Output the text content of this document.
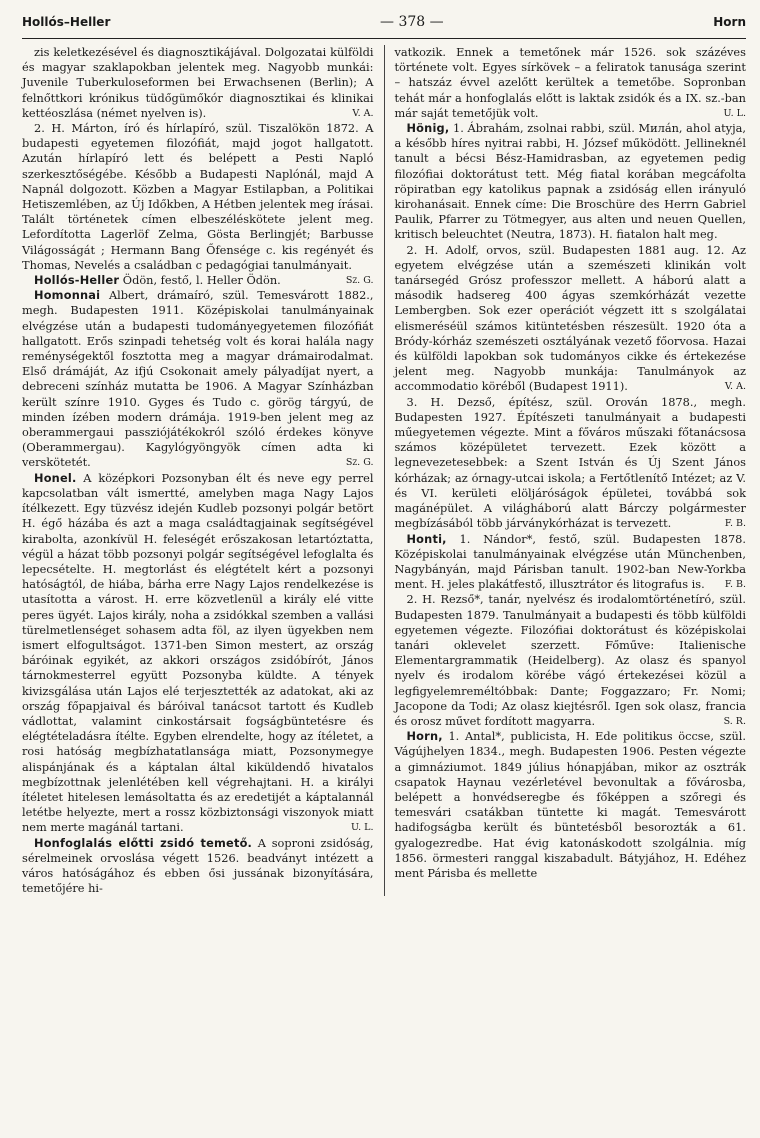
Hollós–Heller	— 378 —	Horn

zis keletkezésével és diagnosztikájával. Dolgozatai külföldi és magyar szaklapokban jelentek meg. Nagyobb munkái: Juvenile Tuberkuloseformen bei Erwachsenen (Berlin); A felnőttkori krónikus tüdőgümőkór diagnosztikai és klinikai kettéoszlása (német nyelven is).	V. A.

2. H. Márton, író és hírlapíró, szül. Tiszalökön 1872. A budapesti egyetemen filozófiát, majd jogot hallgatott. Azután hírlapíró lett és belépett a Pesti Napló szerkesztőségébe. Később a Budapesti Naplónál, majd A Napnál dolgozott. Közben a Magyar Estilapban, a Politikai Hetiszemlében, az Új Időkben, A Hétben jelentek meg írásai. Talált történetek címen elbeszéléskötete jelent meg. Lefordította Lagerlöf Zelma, Gösta Berlingjét; Barbusse Világosságát ; Hermann Bang Őfensége c. kis regényét és Thomas, Nevelés a családban c pedagógiai tanulmányait.
Sz. G.

Hollós-Heller Ödön, festő, l. Heller Ödön.

Homonnai Albert, drámaíró, szül. Temesvárott 1882., megh. Budapesten 1911. Középiskolai tanulmányainak elvégzése után a budapesti tudományegyetemen filozófiát hallgatott. Erős szinpadi tehetség volt és korai halála nagy reménységektől fosztotta meg a magyar drámairodalmat. Első drámáját, Az ifjú Csokonait amely pályadíjat nyert, a debreceni színház mutatta be 1906. A Magyar Színházban került színre 1910. Gyges és Tudo c. görög tárgyú, de minden ízében modern drámája. 1919-ben jelent meg az oberammergaui passziójátékokról szóló érdekes könyve (Oberammergau). Kagylógyöngyök címen adta ki verskötetét.	Sz. G.

Honel. A középkori Pozsonyban élt és neve egy perrel kapcsolatban vált ismertté, amelyben maga Nagy Lajos ítélkezett. Egy tüzvész idején Kudleb pozsonyi polgár betört H. égő házába és azt a maga családtagjainak segítségével kirabolta, azonkívül H. feleségét erőszakosan letartóztatta, végül a házat több pozsonyi polgár segítségével lefoglalta és lepecsételte. H. megtorlást és elégtételt kért a pozsonyi hatóságtól, de hiába, bárha erre Nagy Lajos rendelkezése is utasította a várost. H. erre közvetlenül a király elé vitte peres ügyét. Lajos király, noha a zsidókkal szemben a vallási türelmetlenséget sohasem adta föl, az ilyen ügyekben nem ismert elfogultságot. 1371-ben Simon mestert, az ország báróinak egyikét, az akkori országos zsidóbírót, János tárnokmesterrel együtt Pozsonyba küldte. A tények kivizsgálása után Lajos elé terjesztették az adatokat, aki az ország főpapjaival és báróival tanácsot tartott és Kudleb vádlottat, valamint cinkostársait fogságbüntetésre és elégtételadásra ítélte. Egyben elrendelte, hogy az ítéletet, a rosi hatóság megbízhatatlansága miatt, Pozsonymegye alispánjának és a káptalan által kiküldendő hivatalos megbízottnak jelenlétében kell végrehajtani. H. a királyi ítéletet hitelesen lemásoltatta és az eredetijét a káptalannál letétbe helyezte, mert a rossz közbiztonsági viszonyok miatt nem merte magánál tartani.	U. L.

Honfoglalás előtti zsidó temető. A soproni zsidóság, sérelmeinek orvoslása végett 1526. beadványt intézett a város hatóságához és ebben ősi jussának bizonyítására, temetőjére hi-

vatkozik. Ennek a temetőnek már 1526. sok százéves története volt. Egyes sírkövek – a feliratok tanusága szerint – hatszáz évvel azelőtt kerültek a temetőbe. Sopronban tehát már a honfoglalás előtt is laktak zsidók és a IX. sz.-ban már saját temetőjük volt.	U. L.

Hönig, 1. Ábrahám, zsolnai rabbi, szül. Милán, ahol atyja, a később híres nyitrai rabbi, H. József működött. Jellineknél tanult a bécsi Bész-Hamidrasban, az egyetemen pedig filozófiai doktorátust tett. Még fiatal korában megcáfolta röpiratban egy katolikus papnak a zsidóság ellen irányuló kirohanásait. Ennek címe: Die Broschüre des Herrn Gabriel Paulik, Pfarrer zu Tötmegyer, aus alten und neuen Quellen, kritisch beleuchtet (Neutra, 1873). H. fiatalon halt meg.

2. H. Adolf, orvos, szül. Budapesten 1881 aug. 12. Az egyetem elvégzése után a szemészeti klinikán volt tanársegéd Grósz professzor mellett. A háború alatt a második hadsereg 400 ágyas szemkórházát vezette Lembergben. Sok ezer operációt végzett itt s szolgálatai elismeréséül számos kitüntetésben részesült. 1920 óta a Bródy-kórház szemészeti osztályának vezető főorvosa. Hazai és külföldi lapokban sok tudományos cikke és értekezése jelent meg. Nagyobb munkája: Tanulmányok az accommodatio köréből (Budapest 1911).	V. A.

3. H. Dezső, építész, szül. Orován 1878., megh. Budapesten 1927. Építészeti tanulmányait a budapesti műegyetemen végezte. Mint a főváros műszaki főtanácsosa számos középületet tervezett. Ezek között a legnevezetesebbek: a Szent István és Új Szent János kórházak; az órnagy-utcai iskola; a Fertőtlenítő Intézet; az V. és VI. kerületi elöljáróságok épületei, továbbá sok magánépület. A világháború alatt Bárczy polgármester megbízásából több járványkórházat is tervezett.	F. B.

Honti, 1. Nándor*, festő, szül. Budapesten 1878. Középiskolai tanulmányainak elvégzése után Münchenben, Nagybányán, majd Párisban tanult. 1902-ban New-Yorkba ment. H. jeles plakátfestő, illusztrátor és litografus is.	F. B.

2. H. Rezső*, tanár, nyelvész és irodalomtörténetíró, szül. Budapesten 1879. Tanulmányait a budapesti és több külföldi egyetemen végezte. Filozófiai doktorátust és középiskolai tanári oklevelet szerzett. Főműve: Italienische Elementargrammatik (Heidelberg). Az olasz és spanyol nyelv és irodalom körébe vágó értekezései közül a legfigyelemreméltóbbak: Dante; Foggazzaro; Fr. Nomi; Jacopone da Todi; Az olasz kiejtésről. Igen sok olasz, francia és orosz művet fordított magyarra.	S. R.

Horn, 1. Antal*, publicista, H. Ede politikus öccse, szül. Vágújhelyen 1834., megh. Budapesten 1906. Pesten végezte a gimnáziumot. 1849 július hónapjában, mikor az osztrák csapatok Haynau vezérletével bevonultak a fővárosba, belépett a honvédseregbe és főképpen a szőregi és temesvári csatákban tüntette ki magát. Temesvárott hadifogságba került és büntetésből besorozták a 61. gyalogezredbe. Hat évig katonáskodott szolgálnia. míg 1856. örmesteri ranggal kiszabadult. Bátyjához, H. Edéhez ment Párisba és mellette
